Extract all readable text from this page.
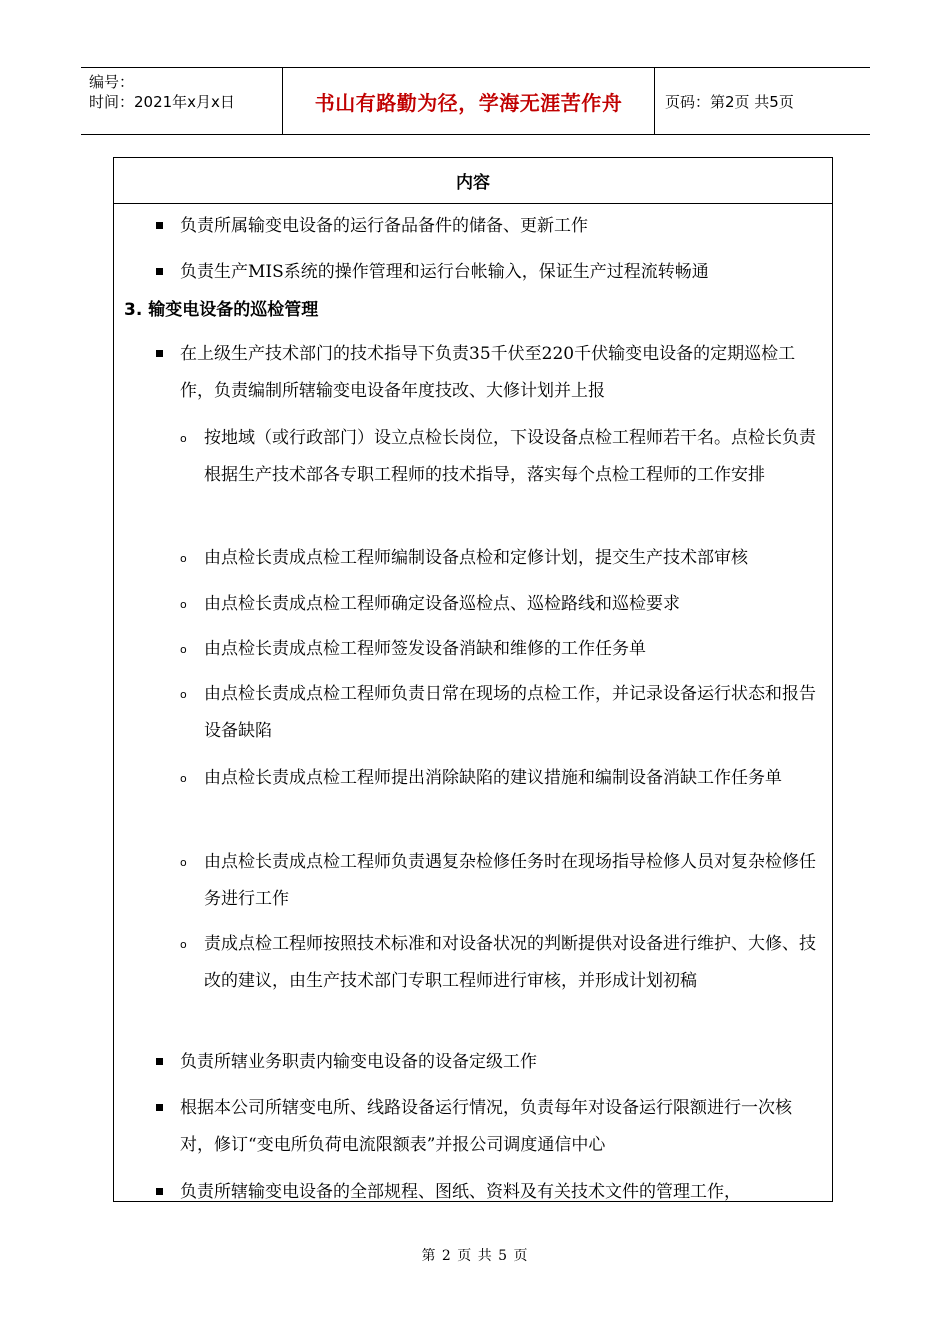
编号：
时间：2021年x月x日	书山有路勤为径，学海无涯苦作舟	页码：第2页 共5页
内容
负责所属输变电设备的运行备品备件的储备、更新工作
负责生产MIS系统的操作管理和运行台帐输入，保证生产过程流转畅通
3. 输变电设备的巡检管理
在上级生产技术部门的技术指导下负责35千伏至220千伏输变电设备的定期巡检工作，负责编制所辖输变电设备年度技改、大修计划并上报
o 按地域（或行政部门）设立点检长岗位，下设设备点检工程师若干名。点检长负责根据生产技术部各专职工程师的技术指导，落实每个点检工程师的工作安排
o 由点检长责成点检工程师编制设备点检和定修计划，提交生产技术部审核
o 由点检长责成点检工程师确定设备巡检点、巡检路线和巡检要求
o 由点检长责成点检工程师签发设备消缺和维修的工作任务单
o 由点检长责成点检工程师负责日常在现场的点检工作，并记录设备运行状态和报告设备缺陷
o 由点检长责成点检工程师提出消除缺陷的建议措施和编制设备消缺工作任务单
o 由点检长责成点检工程师负责遇复杂检修任务时在现场指导检修人员对复杂检修任务进行工作
o 责成点检工程师按照技术标准和对设备状况的判断提供对设备进行维护、大修、技改的建议，由生产技术部门专职工程师进行审核，并形成计划初稿
负责所辖业务职责内输变电设备的设备定级工作
根据本公司所辖变电所、线路设备运行情况，负责每年对设备运行限额进行一次核对，修订“变电所负荷电流限额表”并报公司调度通信中心
负责所辖输变电设备的全部规程、图纸、资料及有关技术文件的管理工作，
第 2 页 共 5 页
